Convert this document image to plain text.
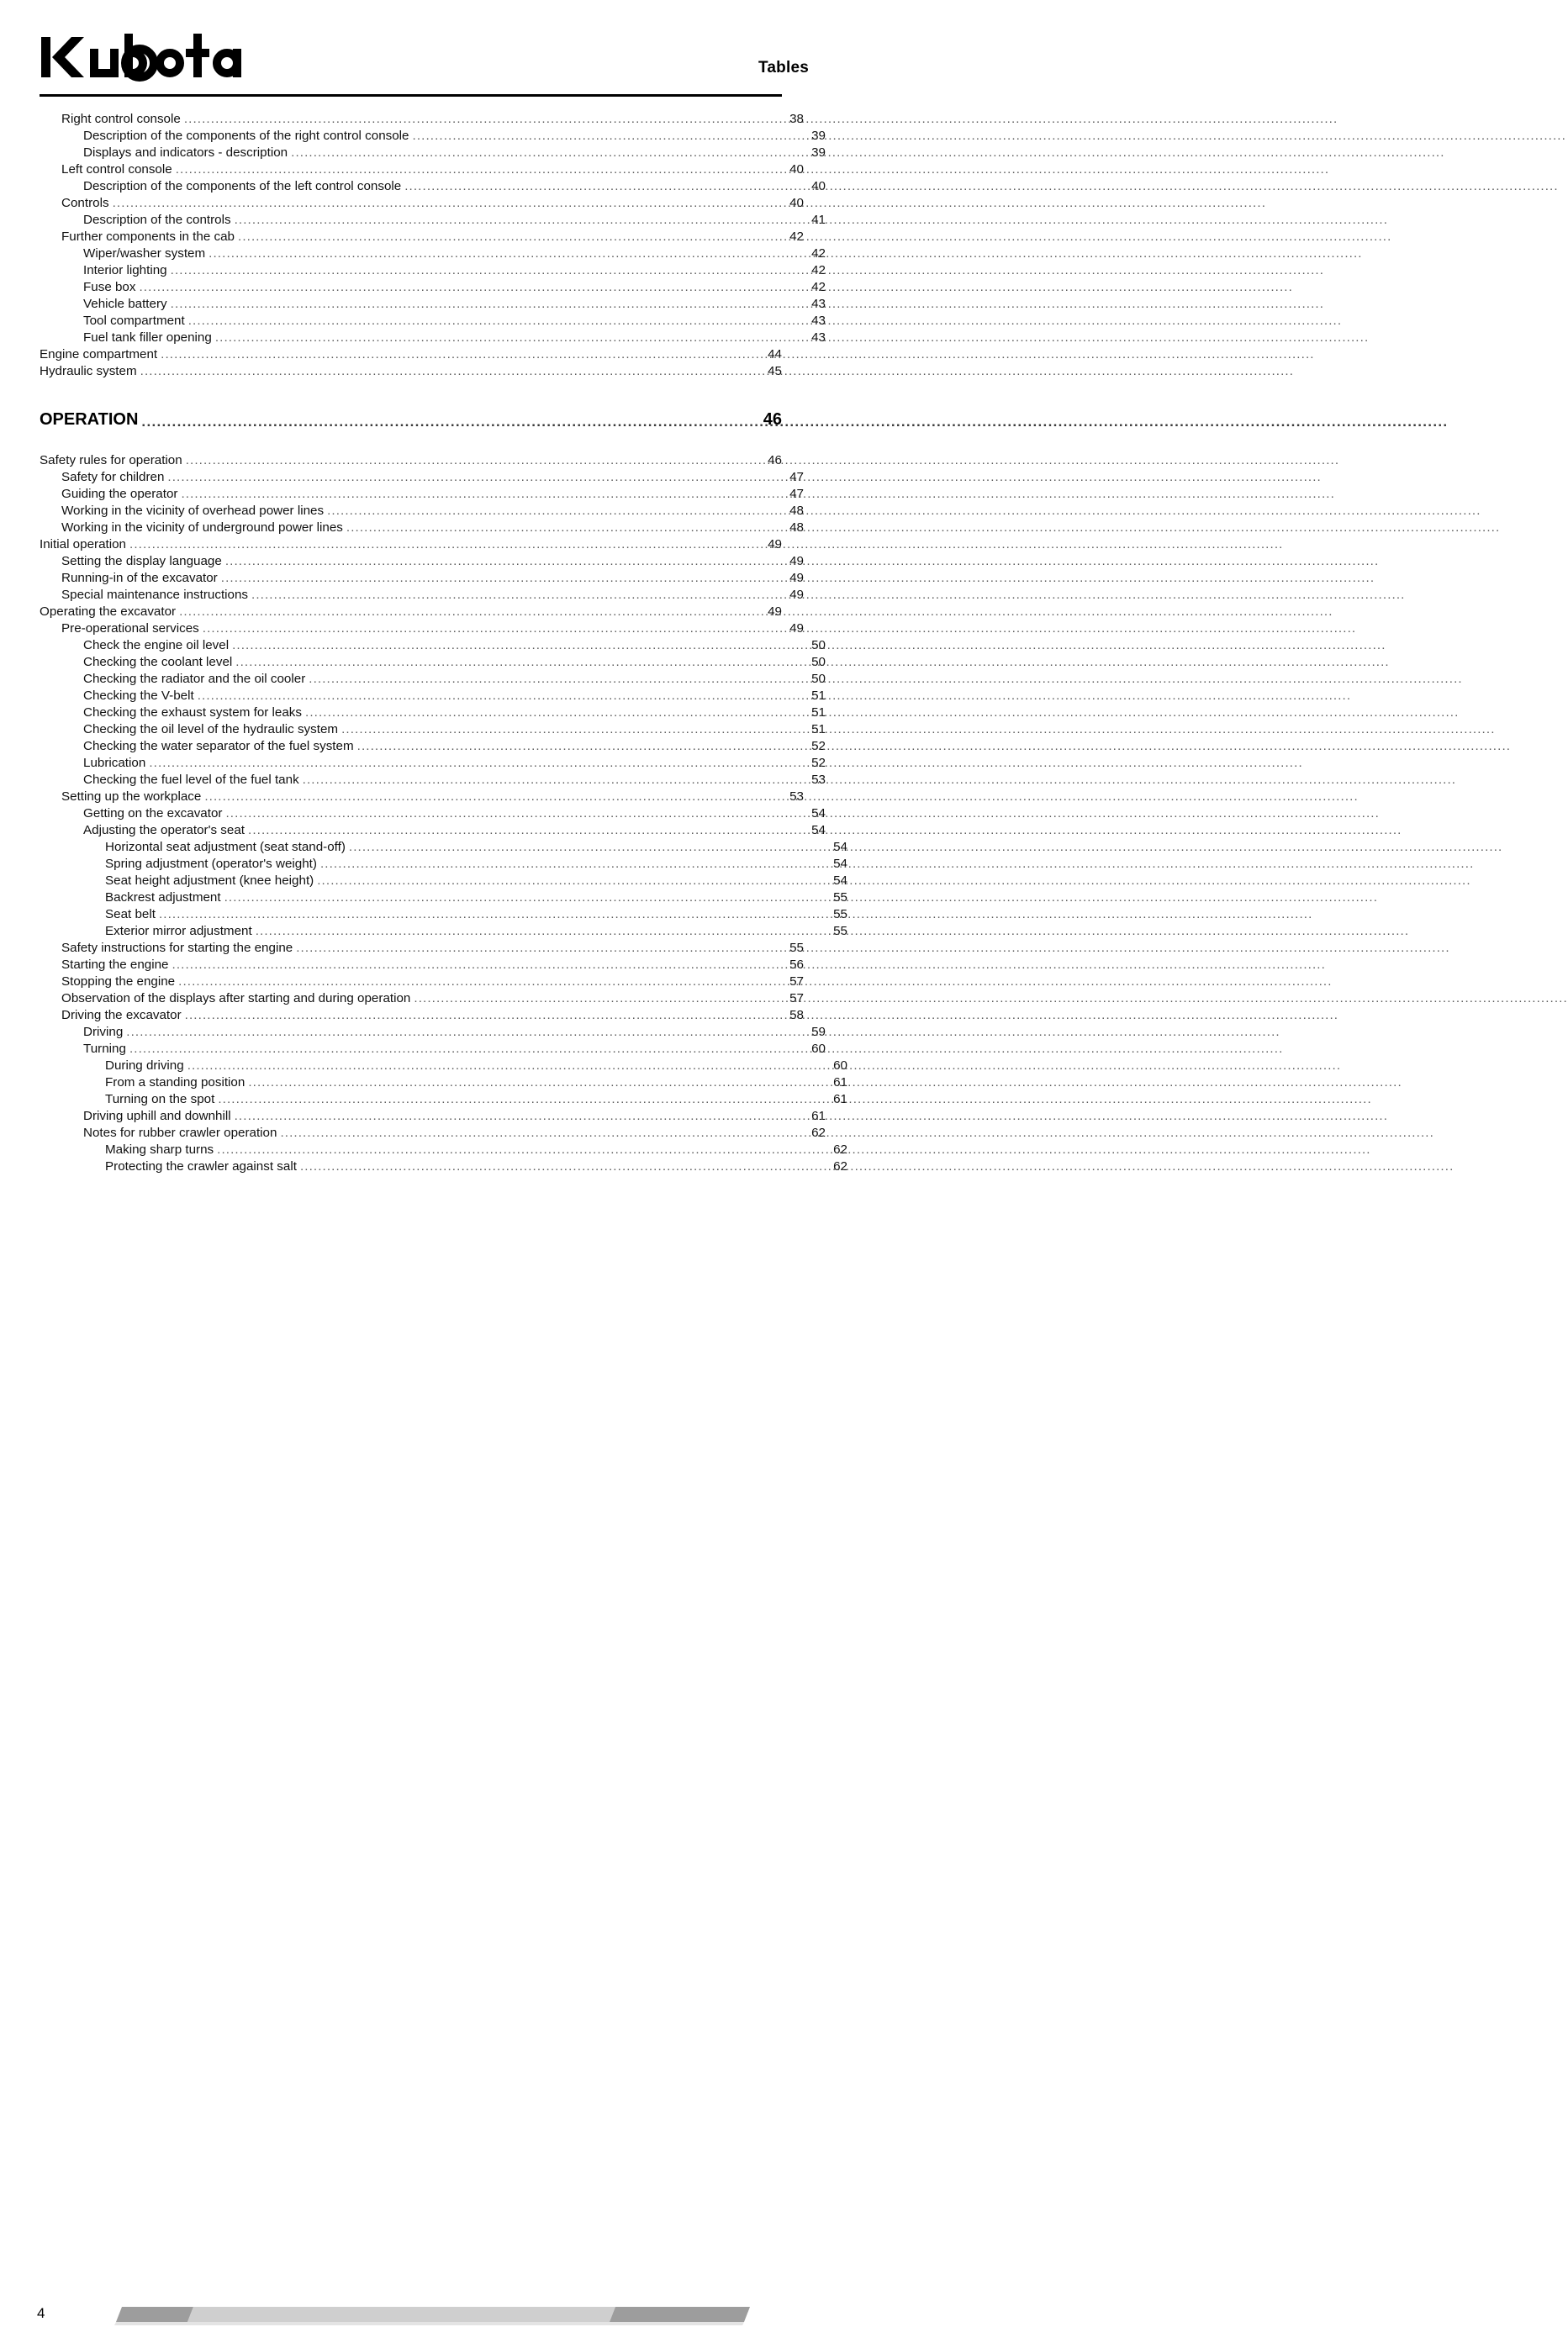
Tables
Right control console .....	38
Description of the components of the right control console .....	39
Displays and indicators - description .....	39
Left control console .....	40
Description of the components of the left control console .....	40
Controls .....	40
Description of the controls .....	41
Further components in the cab .....	42
Wiper/washer system .....	42
Interior lighting .....	42
Fuse box .....	42
Vehicle battery .....	43
Tool compartment .....	43
Fuel tank filler opening .....	43
Engine compartment .....	44
Hydraulic system .....	45
OPERATION .....	46
Safety rules for operation .....	46
Safety for children .....	47
Guiding the operator .....	47
Working in the vicinity of overhead power lines .....	48
Working in the vicinity of underground power lines .....	48
Initial operation .....	49
Setting the display language .....	49
Running-in of the excavator .....	49
Special maintenance instructions .....	49
Operating the excavator .....	49
Pre-operational services .....	49
Check the engine oil level .....	50
Checking the coolant level .....	50
Checking the radiator and the oil cooler .....	50
Checking the V-belt .....	51
Checking the exhaust system for leaks .....	51
Checking the oil level of the hydraulic system .....	51
Checking the water separator of the fuel system .....	52
Lubrication .....	52
Checking the fuel level of the fuel tank .....	53
Setting up the workplace .....	53
Getting on the excavator .....	54
Adjusting the operator's seat .....	54
Horizontal seat adjustment (seat stand-off) .....	54
Spring adjustment (operator's weight) .....	54
Seat height adjustment (knee height) .....	54
Backrest adjustment .....	55
Seat belt .....	55
Exterior mirror adjustment .....	55
Safety instructions for starting the engine .....	55
Starting the engine .....	56
Stopping the engine .....	57
Observation of the displays after starting and during operation .....	57
Driving the excavator .....	58
Driving .....	59
Turning .....	60
During driving .....	60
From a standing position .....	61
Turning on the spot .....	61
Driving uphill and downhill .....	61
Notes for rubber crawler operation .....	62
Making sharp turns .....	62
Protecting the crawler against salt .....	62
4
